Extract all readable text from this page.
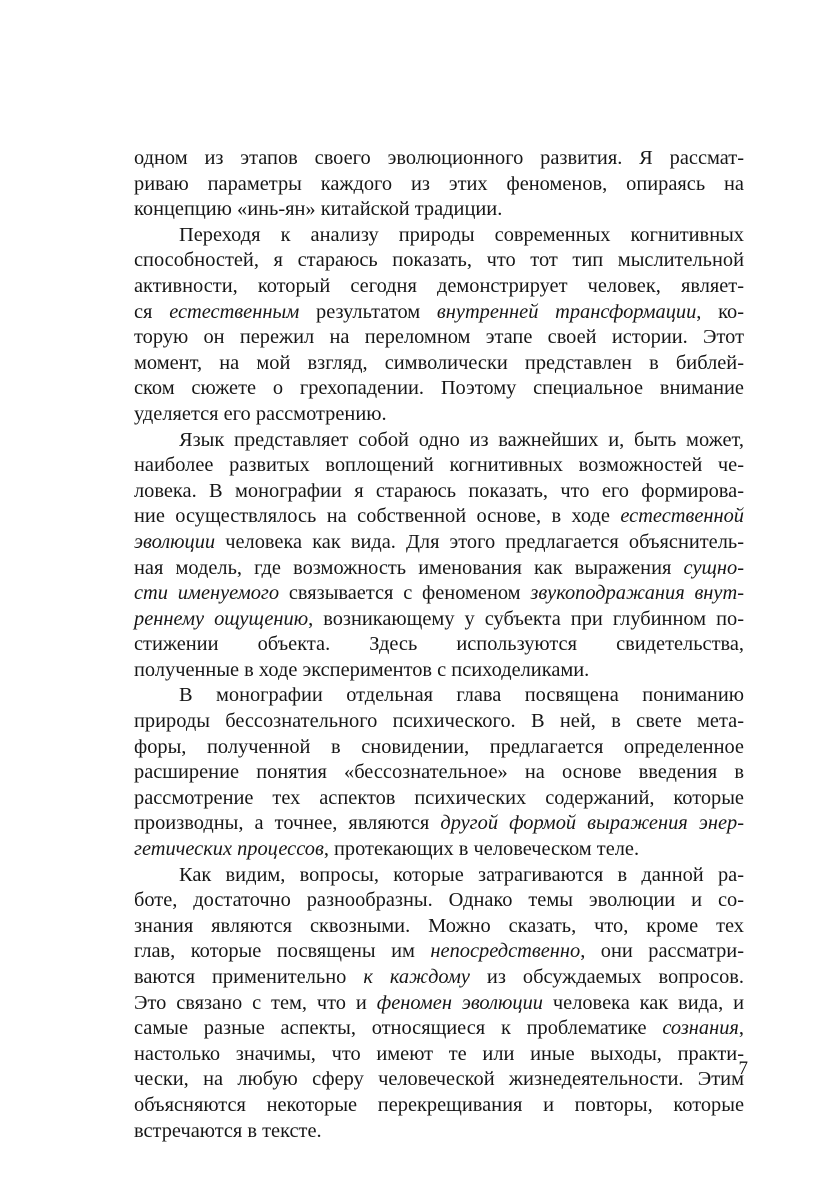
одном из этапов своего эволюционного развития. Я рассмат-
риваю параметры каждого из этих феноменов, опираясь на
концепцию «инь-ян» китайской традиции.
Переходя к анализу природы современных когнитивных
способностей, я стараюсь показать, что тот тип мыслительной
активности, который сегодня демонстрирует человек, являет-
ся естественным результатом внутренней трансформации, ко-
торую он пережил на переломном этапе своей истории. Этот
момент, на мой взгляд, символически представлен в библей-
ском сюжете о грехопадении. Поэтому специальное внимание
уделяется его рассмотрению.
Язык представляет собой одно из важнейших и, быть может,
наиболее развитых воплощений когнитивных возможностей че-
ловека. В монографии я стараюсь показать, что его формирова-
ние осуществлялось на собственной основе, в ходе естественной
эволюции человека как вида. Для этого предлагается объяснитель-
ная модель, где возможность именования как выражения сущно-
сти именуемого связывается с феноменом звукоподражания внут-
реннему ощущению, возникающему у субъекта при глубинном по-
стижении объекта. Здесь используются свидетельства,
полученные в ходе экспериментов с психоделиками.
В монографии отдельная глава посвящена пониманию
природы бессознательного психического. В ней, в свете мета-
форы, полученной в сновидении, предлагается определенное
расширение понятия «бессознательное» на основе введения в
рассмотрение тех аспектов психических содержаний, которые
производны, а точнее, являются другой формой выражения энер-
гетических процессов, протекающих в человеческом теле.
Как видим, вопросы, которые затрагиваются в данной ра-
боте, достаточно разнообразны. Однако темы эволюции и со-
знания являются сквозными. Можно сказать, что, кроме тех
глав, которые посвящены им непосредственно, они рассматри-
ваются применительно к каждому из обсуждаемых вопросов.
Это связано с тем, что и феномен эволюции человека как вида, и
самые разные аспекты, относящиеся к проблематике сознания,
настолько значимы, что имеют те или иные выходы, практи-
чески, на любую сферу человеческой жизнедеятельности. Этим
объясняются некоторые перекрещивания и повторы, которые
встречаются в тексте.
7
